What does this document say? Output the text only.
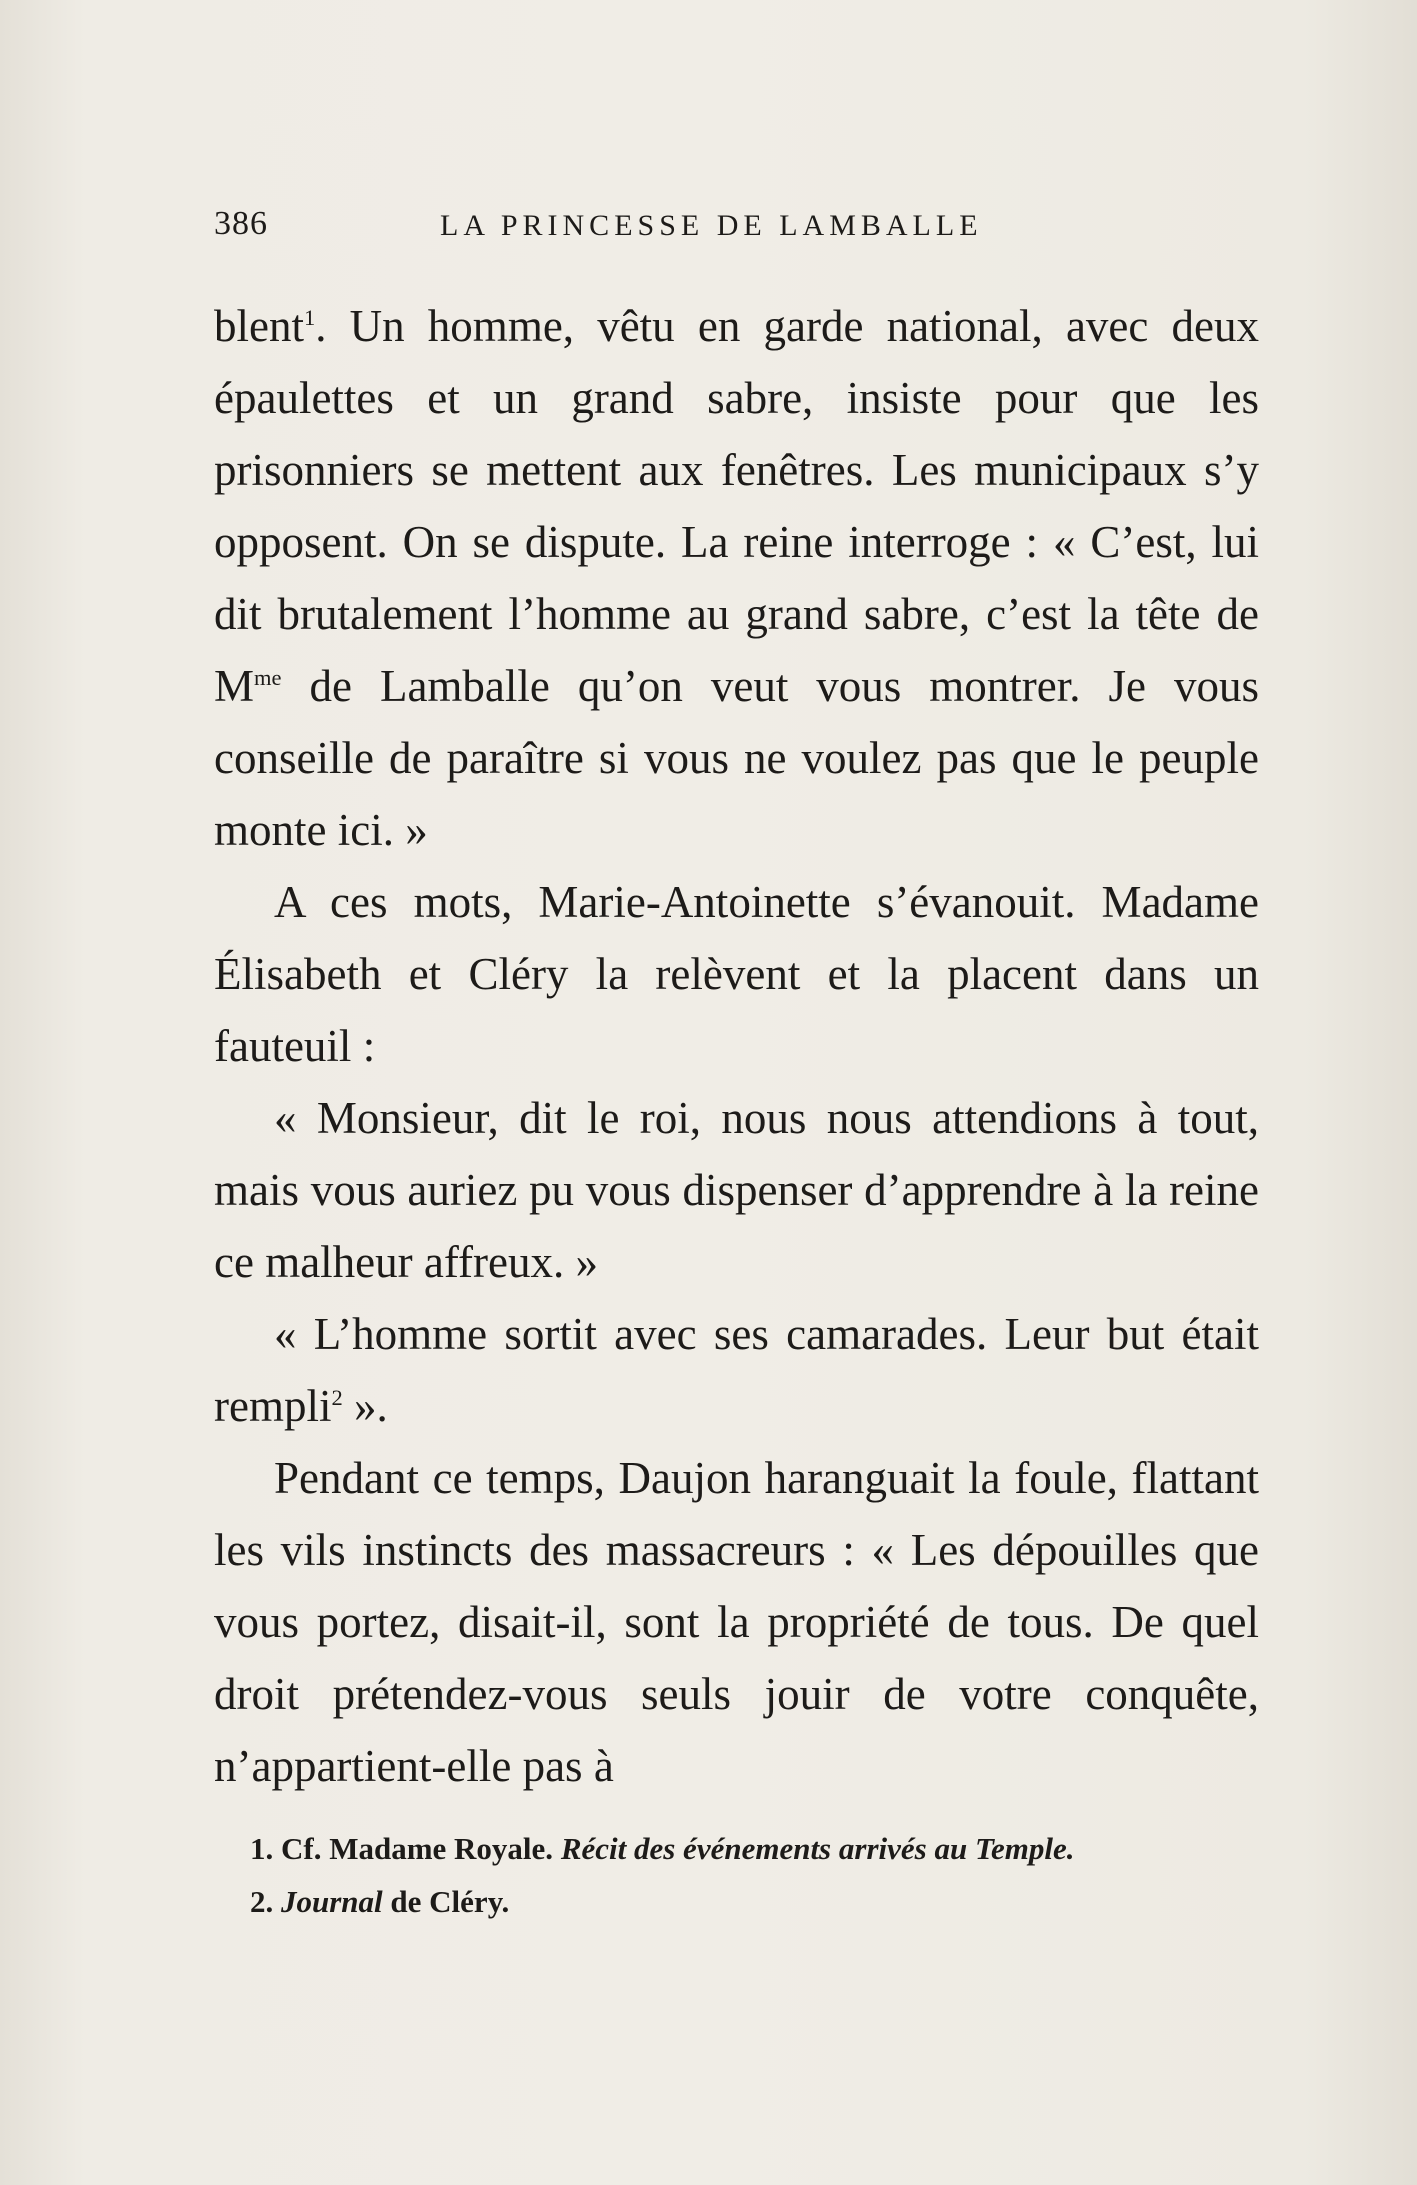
386	LA PRINCESSE DE LAMBALLE

blent$^1$. Un homme, vêtu en garde national, avec deux épaulettes et un grand sabre, insiste pour que les prisonniers se mettent aux fenêtres. Les municipaux s’y opposent. On se dispute. La reine interroge : « C’est, lui dit brutalement l’homme au grand sabre, c’est la tête de $M^{me}$ de Lamballe qu’on veut vous montrer. Je vous conseille de paraître si vous ne voulez pas que le peuple monte ici. »

A ces mots, Marie-Antoinette s’évanouit. Madame Élisabeth et Cléry la relèvent et la placent dans un fauteuil :

« Monsieur, dit le roi, nous nous attendions à tout, mais vous auriez pu vous dispenser d’apprendre à la reine ce malheur affreux. »

« L’homme sortit avec ses camarades. Leur but était rempli$^2$ ».

Pendant ce temps, Daujon haranguait la foule, flattant les vils instincts des massacreurs : « Les dépouilles que vous portez, disait-il, sont la propriété de tous. De quel droit prétendez-vous seuls jouir de votre conquête, n’appartient-elle pas à

1. Cf. Madame Royale. Récit des événements arrivés au Temple.
2. Journal de Cléry.
